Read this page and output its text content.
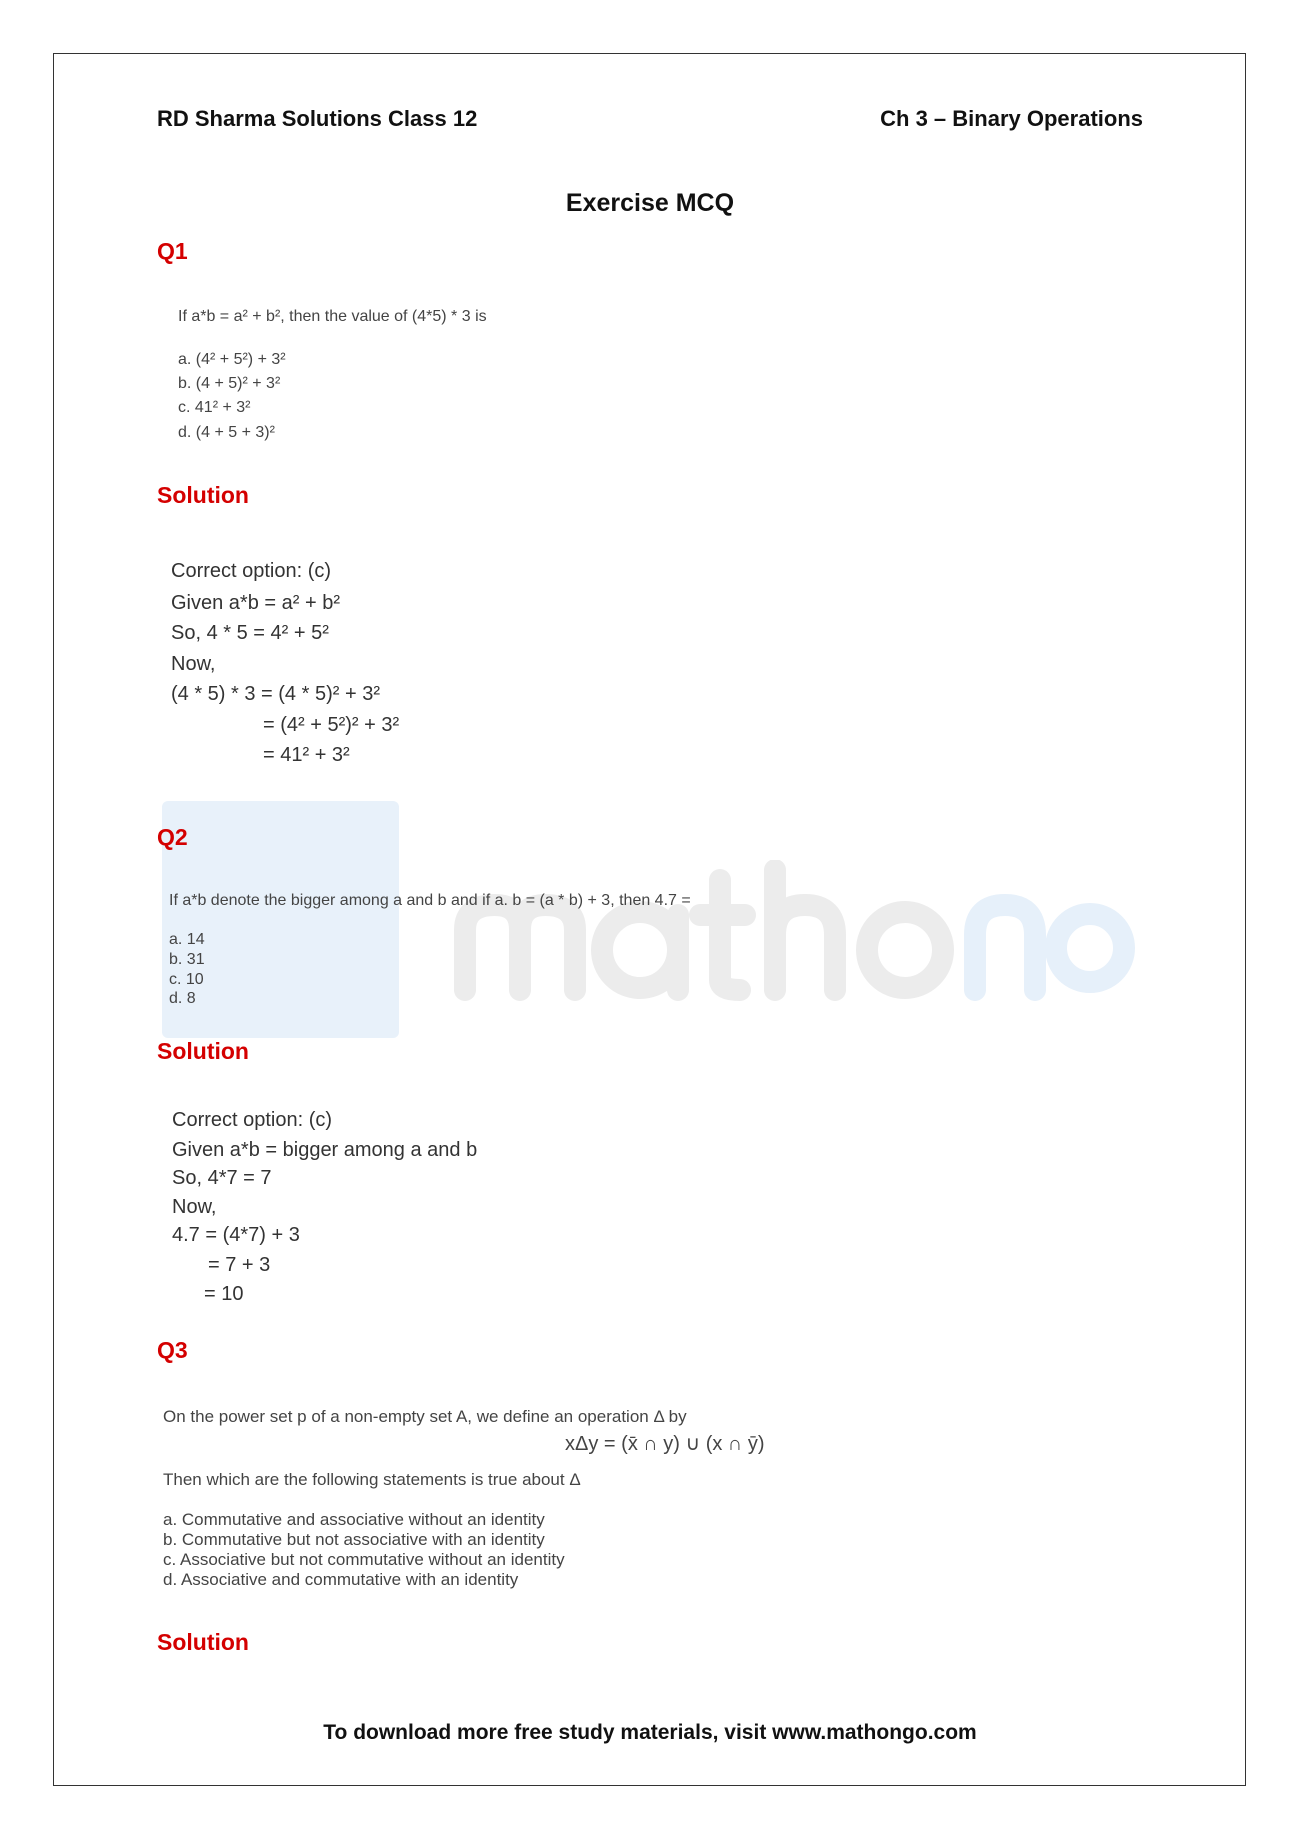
RD Sharma Solutions Class 12	Ch 3 – Binary Operations
Exercise MCQ
Q1
If a*b = a² + b², then the value of (4*5) * 3 is
a. (4² + 5²) + 3²
b. (4 + 5)² + 3²
c. 41² + 3²
d. (4 + 5 + 3)²
Solution
Correct option: (c)
Given a*b = a² + b²
So, 4 * 5 = 4² + 5²
Now,
(4 * 5) * 3 = (4 * 5)² + 3²
= (4² + 5²)² + 3²
= 41² + 3²
Q2
If a*b denote the bigger among a and b and if a. b = (a * b) + 3, then 4.7 =
a. 14
b. 31
c. 10
d. 8
Solution
Correct option: (c)
Given a*b = bigger among a and b
So, 4*7 = 7
Now,
4.7 = (4*7) + 3
= 7 + 3
= 10
Q3
On the power set p of a non-empty set A, we define an operation Δ by
xΔy = (x̄ ∩ y) ∪ (x ∩ ȳ)
Then which are the following statements is true about Δ
a. Commutative and associative without an identity
b. Commutative but not associative with an identity
c. Associative but not commutative without an identity
d. Associative and commutative with an identity
Solution
To download more free study materials, visit www.mathongo.com
